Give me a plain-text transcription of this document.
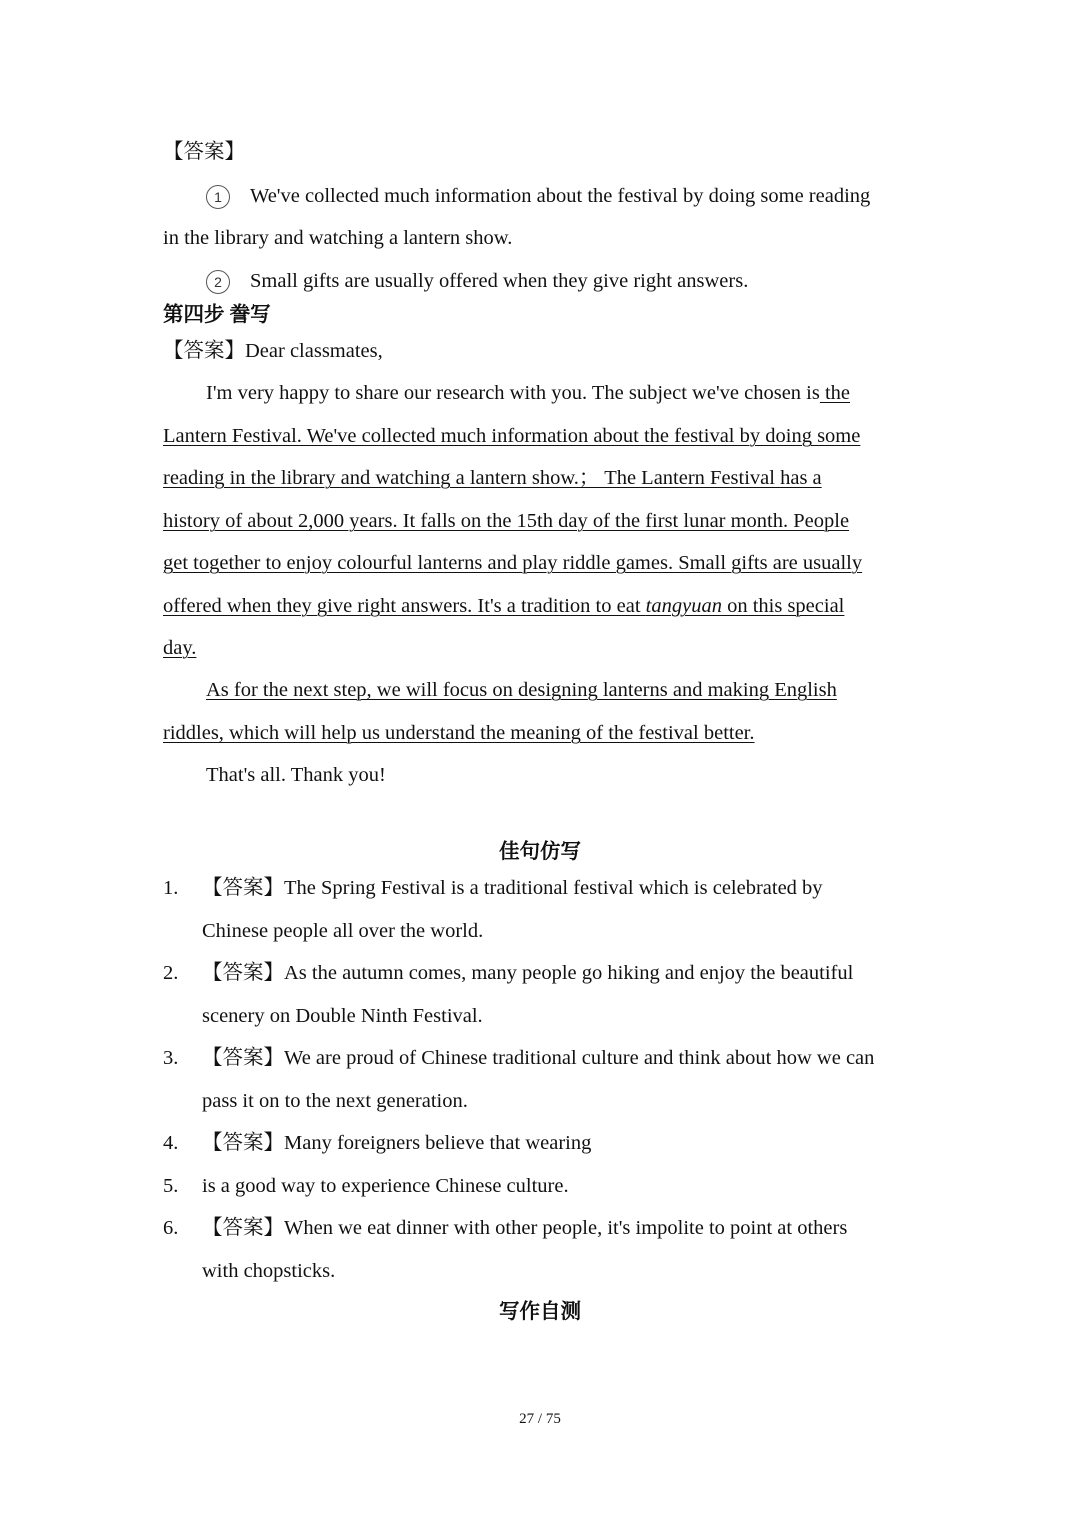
【答案】
1	We've collected much information about the festival by doing some reading
in the library and watching a lantern show.
2	Small gifts are usually offered when they give right answers.
第四步 誊写
【答案】Dear classmates,
I'm very happy to share our research with you. The subject we've chosen is the
Lantern Festival. We've collected much information about the festival by doing some
reading in the library and watching a lantern show.； The Lantern Festival has a
history of about 2,000 years. It falls on the 15th day of the first lunar month. People
get together to enjoy colourful lanterns and play riddle games. Small gifts are usually
offered when they give right answers. It's a tradition to eat tangyuan on this special
day.
As for the next step, we will focus on designing lanterns and making English
riddles, which will help us understand the meaning of the festival better.
That's all. Thank you!
佳句仿写
1. 【答案】The Spring Festival is a traditional festival which is celebrated by
Chinese people all over the world.
2. 【答案】As the autumn comes, many people go hiking and enjoy the beautiful
scenery on Double Ninth Festival.
3. 【答案】We are proud of Chinese traditional culture and think about how we can
pass it on to the next generation.
4. 【答案】Many foreigners believe that wearing
5. is a good way to experience Chinese culture.
6. 【答案】When we eat dinner with other people, it's impolite to point at others
with chopsticks.
写作自测
27 / 75
